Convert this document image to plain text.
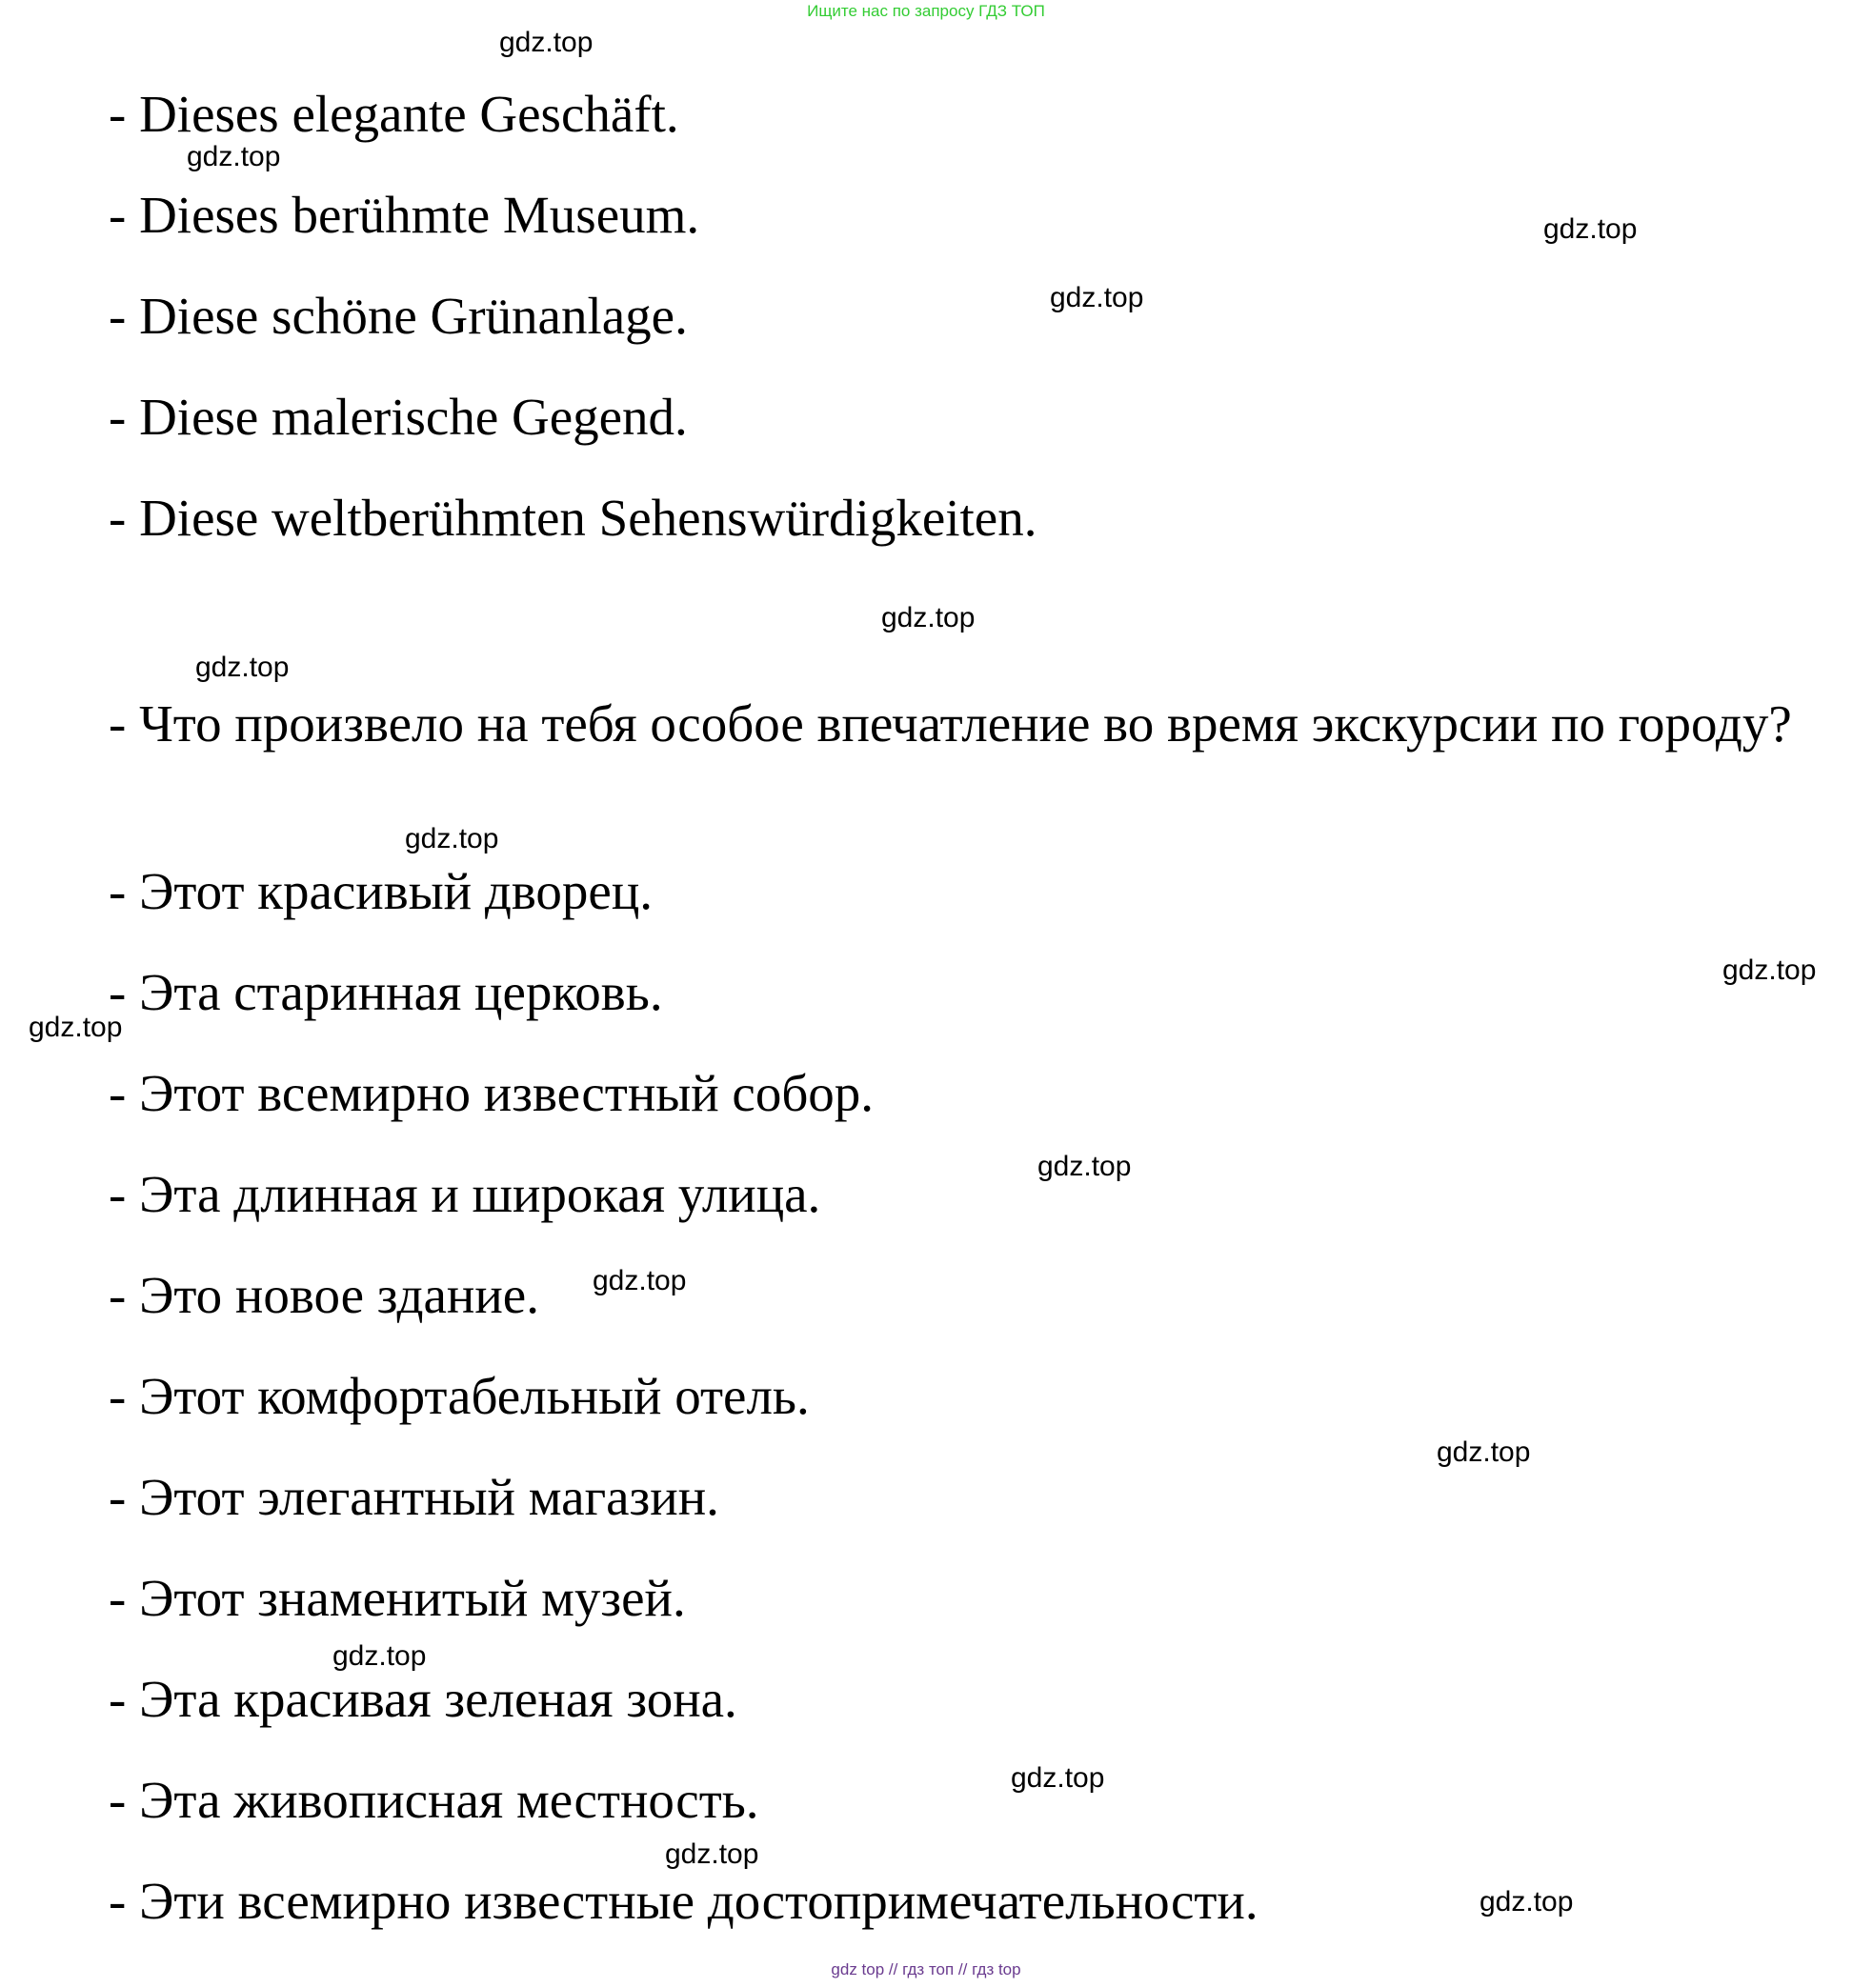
Ищите нас по запросу ГДЗ ТОП

- Dieses elegante Geschäft.

- Dieses berühmte Museum.

- Diese schöne Grünanlage.

- Diese malerische Gegend.

- Diese weltberühmten Sehenswürdigkeiten.

- Что произвело на тебя особое впечатление во время экскурсии по городу?

- Этот красивый дворец.

- Эта старинная церковь.

- Этот всемирно известный собор.

- Эта длинная и широкая улица.

- Это новое здание.

- Этот комфортабельный отель.

- Этот элегантный магазин.

- Этот знаменитый музей.

- Эта красивая зеленая зона.

- Эта живописная местность.

- Эти всемирно известные достопримечательности.

gdz.top
gdz.top
gdz.top
gdz.top
gdz.top
gdz.top
gdz.top
gdz.top
gdz.top
gdz.top
gdz.top
gdz.top
gdz.top
gdz.top
gdz.top
gdz.top
gdz top // гдз топ // гдз top
